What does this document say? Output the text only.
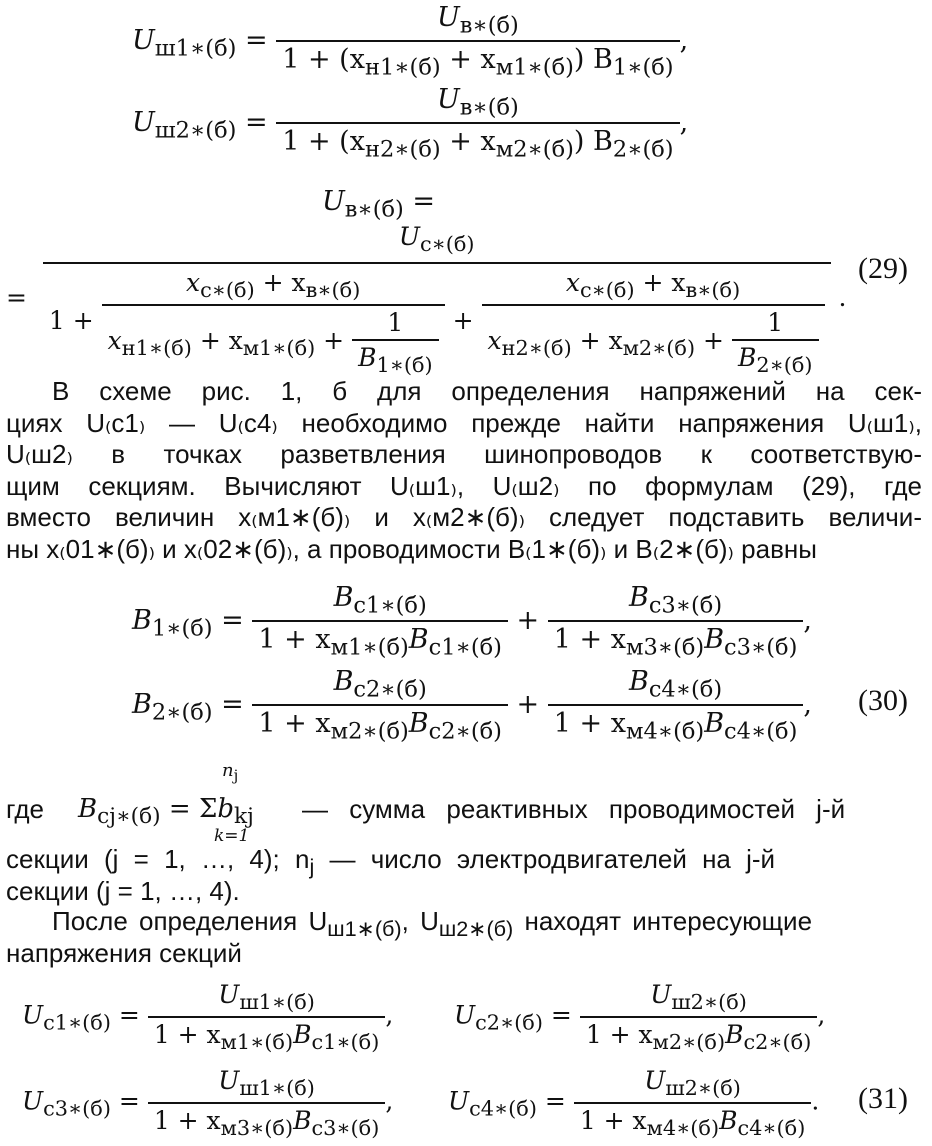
$U_{ш1∗(б)} = \frac{U_{в∗(б)}}{1 + (x_{н1∗(б)} + x_{м1∗(б)}) B_{1∗(б)}}$ ,
$U_{ш2∗(б)} = \frac{U_{в∗(б)}}{1 + (x_{н2∗(б)} + x_{м2∗(б)}) B_{2∗(б)}}$ ,
$U_{в∗(б)}$ =
=
$U_{с∗(б)}$
$1 + \frac{x_{с∗(б)} + x_{в∗(б)}}{x_{н1∗(б)} + x_{м1∗(б)} + \frac{1}{B_{1∗(б)}}} + \frac{x_{с∗(б)} + x_{в∗(б)}}{x_{н2∗(б)} + x_{м2∗(б)} + \frac{1}{B_{2∗(б)}}}$ .
(29)
В схеме рис. 1, б для определения напряжений на сек-
циях U₍с1₎ — U₍с4₎ необходимо прежде найти напряжения U₍ш1₎,
U₍ш2₎ в точках разветвления шинопроводов к соответствую-
щим секциям. Вычисляют U₍ш1₎, U₍ш2₎ по формулам (29), где
вместо величин x₍м1∗(б)₎ и x₍м2∗(б)₎ следует подставить величи-
ны x₍01∗(б)₎ и x₍02∗(б)₎, а проводимости B₍1∗(б)₎ и B₍2∗(б)₎ равны
$B_{1∗(б)} = \frac{B_{с1∗(б)}}{1 + x_{м1∗(б)}B_{с1∗(б)}} + \frac{B_{с3∗(б)}}{1 + x_{м3∗(б)}B_{с3∗(б)}}$ ,
$B_{2∗(б)} = \frac{B_{с2∗(б)}}{1 + x_{м2∗(б)}B_{с2∗(б)}} + \frac{B_{с4∗(б)}}{1 + x_{м4∗(б)}B_{с4∗(б)}}$ , (30)
где $B_{cj∗(б)} = \Sigma b_{kj}$
$n_j$
k=1
— сумма реактивных проводимостей j-й
секции (j = 1, …, 4); $n_j$ — число электродвигателей на j-й
секции (j = 1, …, 4).
После определения $U_{ш1∗(б)}$, $U_{ш2∗(б)}$ находят интересующие
напряжения секций
$U_{с1∗(б)} = \frac{U_{ш1∗(б)}}{1 + x_{м1∗(б)}B_{с1∗(б)}}$ , $U_{с2∗(б)} = \frac{U_{ш2∗(б)}}{1 + x_{м2∗(б)}B_{с2∗(б)}}$ ,
$U_{с3∗(б)} = \frac{U_{ш1∗(б)}}{1 + x_{м3∗(б)}B_{с3∗(б)}}$ , $U_{с4∗(б)} = \frac{U_{ш2∗(б)}}{1 + x_{м4∗(б)}B_{с4∗(б)}}$ . (31)
